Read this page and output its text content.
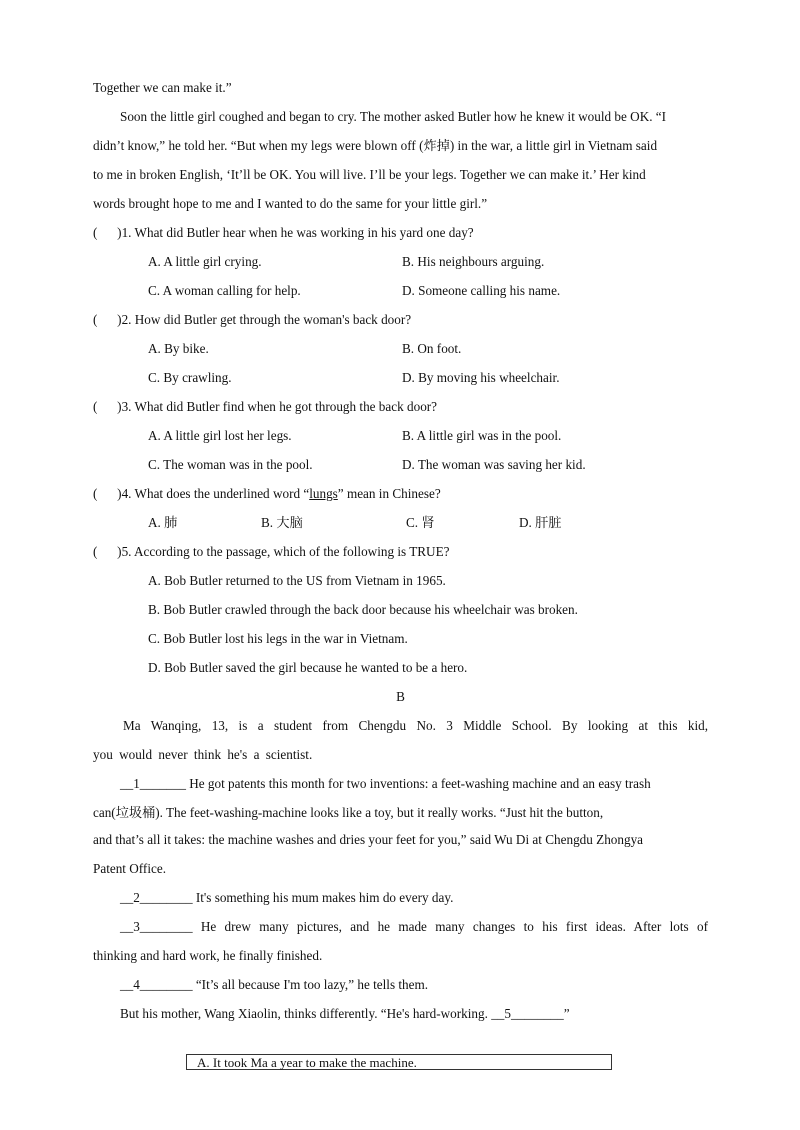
Together we can make it.”

Soon the little girl coughed and began to cry. The mother asked Butler how he knew it would be OK. “I

didn’t know,” he told her. “But when my legs were blown off (炸掉) in the war, a little girl in Vietnam said

to me in broken English, ‘It’ll be OK. You will live. I’ll be your legs. Together we can make it.’ Her kind

words brought hope to me and I wanted to do the same for your little girl.”

(      )1. What did Butler hear when he was working in his yard one day?
A. A little girl crying.	B. His neighbours arguing.
C. A woman calling for help.	D. Someone calling his name.
(      )2. How did Butler get through the woman's back door?
A. By bike.	B. On foot.
C. By crawling.	D. By moving his wheelchair.
(      )3. What did Butler find when he got through the back door?
A. A little girl lost her legs.	B. A little girl was in the pool.
C. The woman was in the pool.	D. The woman was saving her kid.
(      )4. What does the underlined word “lungs” mean in Chinese?
A. 肺	B. 大脑	C. 肾	D. 肝脏
(      )5. According to the passage, which of the following is TRUE?
A. Bob Butler returned to the US from Vietnam in 1965.
B. Bob Butler crawled through the back door because his wheelchair was broken.
C. Bob Butler lost his legs in the war in Vietnam.
D. Bob Butler saved the girl because he wanted to be a hero.
B

Ma Wanqing, 13, is a student from Chengdu No. 3 Middle School. By looking at this kid,

you would never think he's a scientist.

__1_______ He got patents this month for two inventions: a feet-washing machine and an easy trash

can(垃圾桶). The feet-washing-machine looks like a toy, but it really works. “Just hit the button,

and that’s all it takes: the machine washes and dries your feet for you,” said Wu Di at Chengdu Zhongya

Patent Office.

__2________ It's something his mum makes him do every day.

__3________ He drew many pictures, and he made many changes to his first ideas. After lots of

thinking and hard work, he finally finished.

__4________ “It’s all because I'm too lazy,” he tells them.

But his mother, Wang Xiaolin, thinks differently. “He's hard-working. __5________”

A. It took Ma a year to make the machine.
